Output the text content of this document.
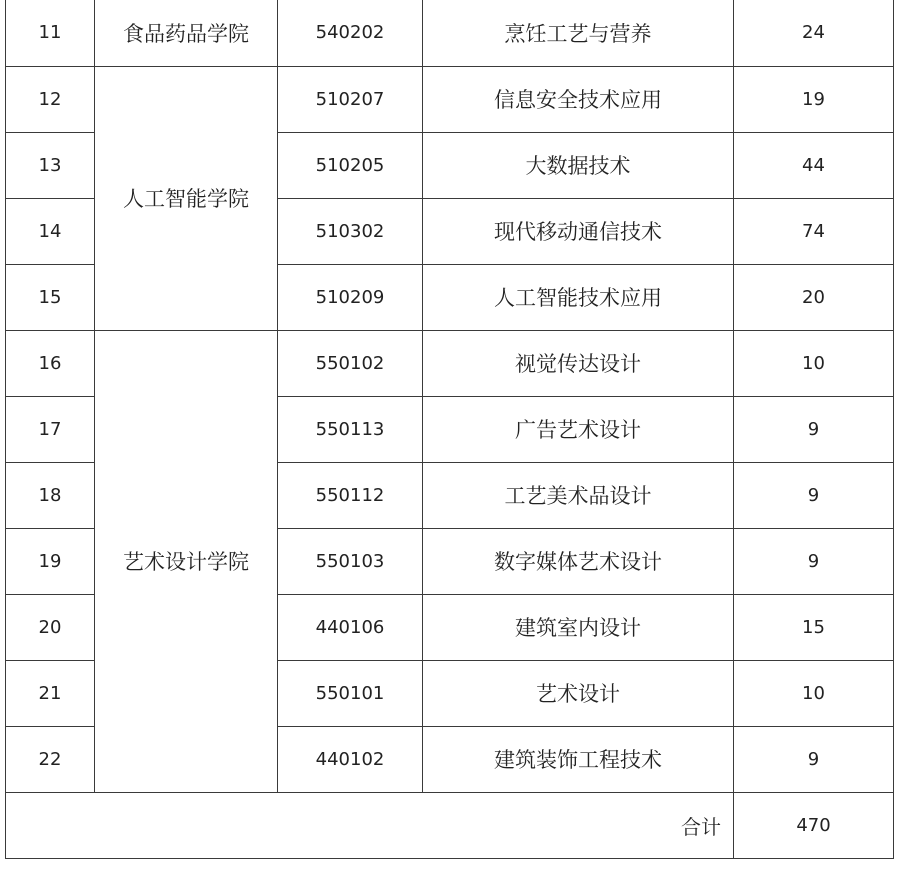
11	食品药品学院	540202	烹饪工艺与营养	24
12	人工智能学院	510207	信息安全技术应用	19
13		510205	大数据技术	44
14		510302	现代移动通信技术	74
15		510209	人工智能技术应用	20
16	艺术设计学院	550102	视觉传达设计	10
17		550113	广告艺术设计	9
18		550112	工艺美术品设计	9
19		550103	数字媒体艺术设计	9
20		440106	建筑室内设计	15
21		550101	艺术设计	10
22		440102	建筑装饰工程技术	9
合计				470
